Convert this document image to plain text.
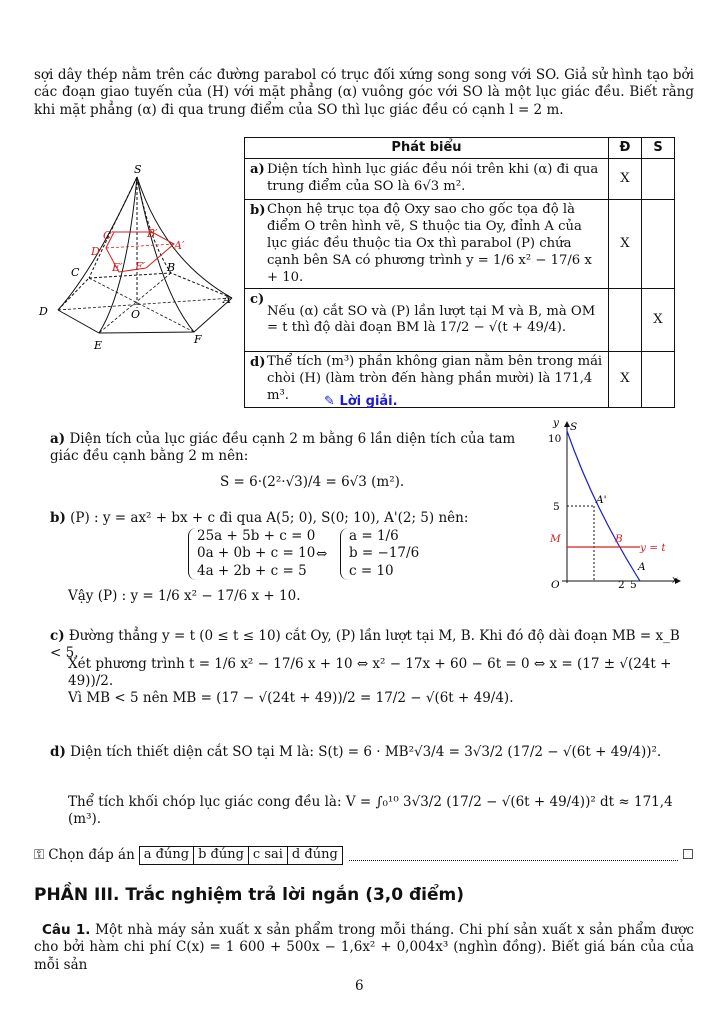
sợi dây thép nằm trên các đường parabol có trục đối xứng song song với SO. Giả sử hình tạo bởi các đoạn giao tuyến của (H) với mặt phẳng (α) vuông góc với SO là một lục giác đều. Biết rằng khi mặt phẳng (α) đi qua trung điểm của SO thì lục giác đều có cạnh l = 2 m.
S
C′	B′
A′
D′
E′ F′
C	B
A
D	O
E	F
Phát biểu	Đ	S

a) Diện tích hình lục giác đều nói trên khi (α) đi qua trung điểm của SO là 6√3 m².	X	

b) Chọn hệ trục tọa độ Oxy sao cho gốc tọa độ là điểm O trên hình vẽ, S thuộc tia Oy, đỉnh A của lục giác đều thuộc tia Ox thì parabol (P) chứa cạnh bên SA có phương trình y = 1/6 x² − 17/6 x + 10.	X	

c)
Nếu (α) cắt SO và (P) lần lượt tại M và B, mà OM = t thì độ dài đoạn BM là 17/2 − √(t + 49/4).		X

d) Thể tích (m³) phần không gian nằm bên trong mái chòi (H) (làm tròn đến hàng phần mười) là 171,4 m³.	X	
✎ Lời giải.
y
x
O
10
5
2 5
S
A'
B
A
M
y = t
a) Diện tích của lục giác đều cạnh 2 m bằng 6 lần diện tích của tam giác đều cạnh bằng 2 m nên:
S = 6·(2²·√3)/4 = 6√3 (m²).
b) (P) : y = ax² + bx + c đi qua A(5; 0), S(0; 10), A'(2; 5) nên:
25a + 5b + c = 0
0a + 0b + c = 10
4a + 2b + c = 5
⇔
a = 1/6
b = −17/6
c = 10
Vậy (P) : y = 1/6 x² − 17/6 x + 10.
c) Đường thẳng y = t (0 ≤ t ≤ 10) cắt Oy, (P) lần lượt tại M, B. Khi đó độ dài đoạn MB = x_B < 5.
Xét phương trình t = 1/6 x² − 17/6 x + 10 ⇔ x² − 17x + 60 − 6t = 0 ⇔ x = (17 ± √(24t + 49))/2.
Vì MB < 5 nên MB = (17 − √(24t + 49))/2 = 17/2 − √(6t + 49/4).
d) Diện tích thiết diện cắt SO tại M là: S(t) = 6 · MB²√3/4 = 3√3/2 (17/2 − √(6t + 49/4))².
Thể tích khối chóp lục giác cong đều là: V = ∫₀¹⁰ 3√3/2 (17/2 − √(6t + 49/4))² dt ≈ 171,4 (m³).
⚿ Chọn đáp án a đúng b đúng c sai d đúng	☐
PHẦN III. Trắc nghiệm trả lời ngắn (3,0 điểm)
Câu 1. Một nhà máy sản xuất x sản phẩm trong mỗi tháng. Chi phí sản xuất x sản phẩm được cho bởi hàm chi phí C(x) = 1 600 + 500x − 1,6x² + 0,004x³ (nghìn đồng). Biết giá bán của của mỗi sản
6
